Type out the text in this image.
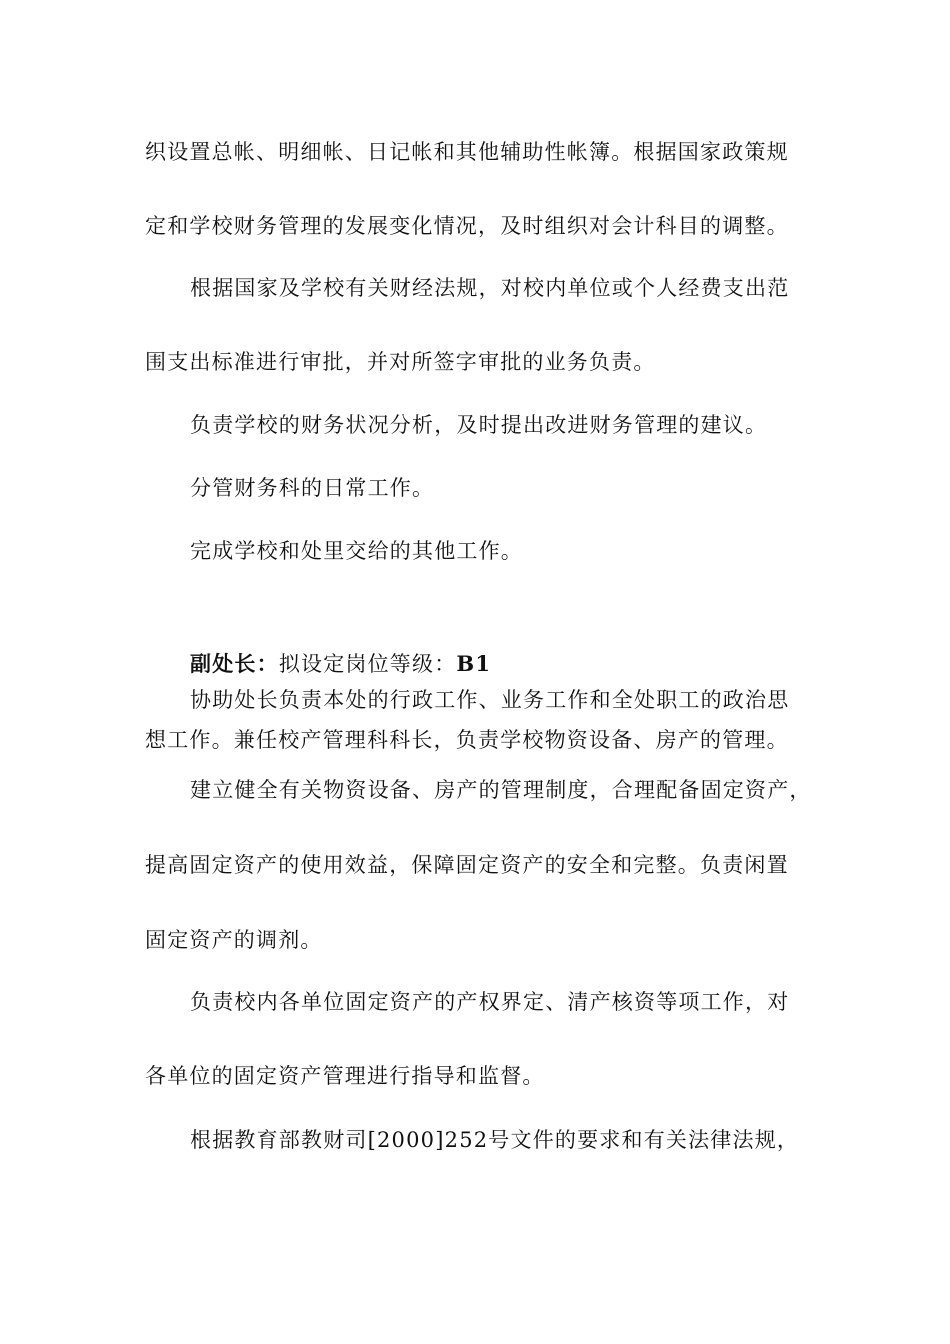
织设置总帐、明细帐、日记帐和其他辅助性帐簿。根据国家政策规
定和学校财务管理的发展变化情况，及时组织对会计科目的调整。
根据国家及学校有关财经法规，对校内单位或个人经费支出范
围支出标准进行审批，并对所签字审批的业务负责。
负责学校的财务状况分析，及时提出改进财务管理的建议。
分管财务科的日常工作。
完成学校和处里交给的其他工作。
副处长：拟设定岗位等级：B1
协助处长负责本处的行政工作、业务工作和全处职工的政治思
想工作。兼任校产管理科科长，负责学校物资设备、房产的管理。
建立健全有关物资设备、房产的管理制度，合理配备固定资产，
提高固定资产的使用效益，保障固定资产的安全和完整。负责闲置
固定资产的调剂。
负责校内各单位固定资产的产权界定、清产核资等项工作，对
各单位的固定资产管理进行指导和监督。
根据教育部教财司[2000]252号文件的要求和有关法律法规，
